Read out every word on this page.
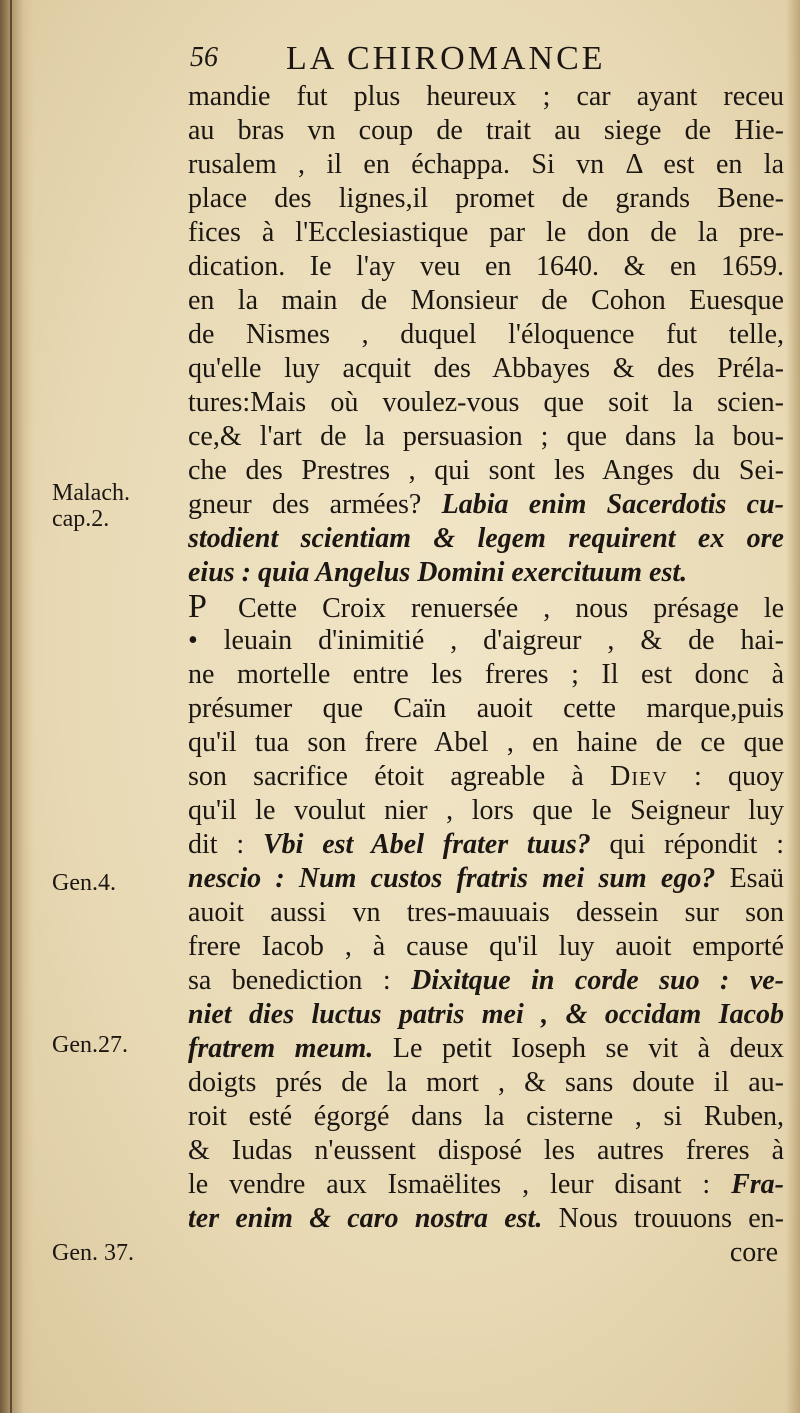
56 LA CHIROMANCE
Malach.
cap.2.
Gen.4.
Gen.27.
Gen. 37.
mandie fut plus heureux ; car ayant receu
au bras vn coup de trait au siege de Hie-
rusalem , il en échappa. Si vn Δ est en la
place des lignes,il promet de grands Bene-
fices à l'Ecclesiastique par le don de la pre-
dication. Ie l'ay veu en 1640. & en 1659.
en la main de Monsieur de Cohon Euesque
de Nismes , duquel l'éloquence fut telle,
qu'elle luy acquit des Abbayes & des Préla-
tures:Mais où voulez-vous que soit la scien-
ce,& l'art de la persuasion ; que dans la bou-
che des Prestres , qui sont les Anges du Sei-
gneur des armées? Labia enim Sacerdotis cu-
stodient scientiam & legem requirent ex ore
eius : quia Angelus Domini exercituum est.
P Cette Croix renuersée , nous présage le
• leuain d'inimitié , d'aigreur , & de hai-
ne mortelle entre les freres ; Il est donc à
présumer que Caïn auoit cette marque,puis
qu'il tua son frere Abel , en haine de ce que
son sacrifice étoit agreable à Diev : quoy
qu'il le voulut nier , lors que le Seigneur luy
dit : Vbi est Abel frater tuus? qui répondit :
nescio : Num custos fratris mei sum ego? Esaü
auoit aussi vn tres-mauuais dessein sur son
frere Iacob , à cause qu'il luy auoit emporté
sa benediction : Dixitque in corde suo : ve-
niet dies luctus patris mei , & occidam Iacob
fratrem meum. Le petit Ioseph se vit à deux
doigts prés de la mort , & sans doute il au-
roit esté égorgé dans la cisterne , si Ruben,
& Iudas n'eussent disposé les autres freres à
le vendre aux Ismaëlites , leur disant : Fra-
ter enim & caro nostra est. Nous trouuons en-
core
